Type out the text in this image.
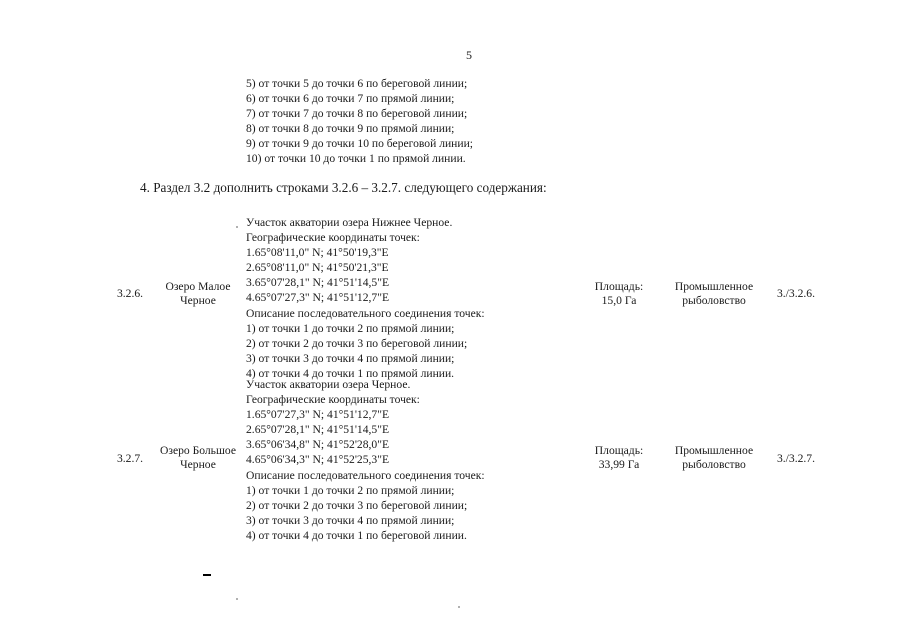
5
5) от точки 5 до точки 6 по береговой линии;
6) от точки 6 до точки 7 по прямой линии;
7) от точки 7 до точки 8 по береговой линии;
8) от точки 8 до точки 9 по прямой линии;
9) от точки 9 до точки 10 по береговой линии;
10) от точки 10 до точки 1 по прямой линии.
4. Раздел 3.2 дополнить строками 3.2.6 – 3.2.7. следующего содержания:
3.2.6.
Озеро Малое
Черное
Участок акватории озера Нижнее Черное.
Географические координаты точек:
1.65°08'11,0" N; 41°50'19,3"E
2.65°08'11,0" N; 41°50'21,3"E
3.65°07'28,1" N; 41°51'14,5"E
4.65°07'27,3" N; 41°51'12,7"E
Описание последовательного соединения точек:
1) от точки 1 до точки 2 по прямой линии;
2) от точки 2 до точки 3 по береговой линии;
3) от точки 3 до точки 4 по прямой линии;
4) от точки 4 до точки 1 по прямой линии.
Площадь:
15,0 Га
Промышленное
рыболовство
3./3.2.6.
3.2.7.
Озеро Большое
Черное
Участок акватории озера Черное.
Географические координаты точек:
1.65°07'27,3" N; 41°51'12,7"E
2.65°07'28,1" N; 41°51'14,5"E
3.65°06'34,8" N; 41°52'28,0"E
4.65°06'34,3" N; 41°52'25,3"E
Описание последовательного соединения точек:
1) от точки 1 до точки 2 по прямой линии;
2) от точки 2 до точки 3 по береговой линии;
3) от точки 3 до точки 4 по прямой линии;
4) от точки 4 до точки 1 по береговой линии.
Площадь:
33,99 Га
Промышленное
рыболовство	3./3.2.7.
